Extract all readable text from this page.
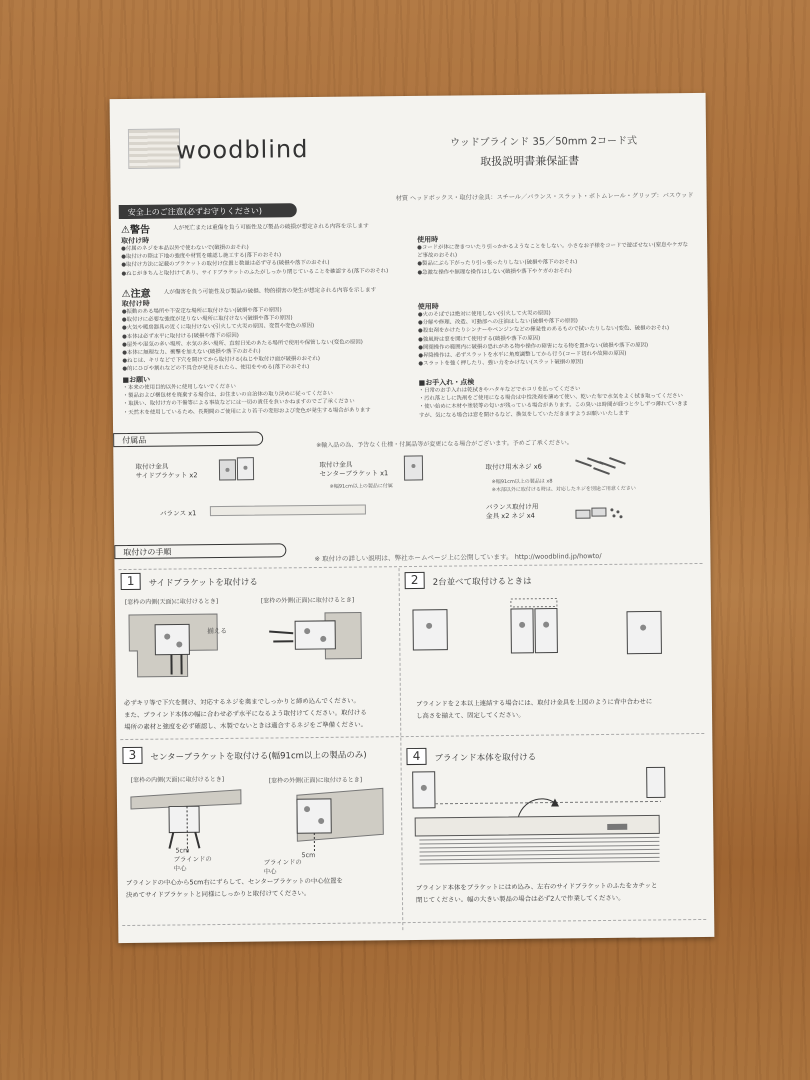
woodblind	ウッドブラインド 35／50mm 2コード式
取扱説明書兼保証書
材質 ヘッドボックス・取付け金具：スチール／バランス・スラット・ボトムレール・グリップ：バスウッド
安全上のご注意(必ずお守りください)
⚠警告	人が死亡または重傷を負う可能性及び製品の破損が想定される内容を示します
取付け時
●付属のネジを本品以外で使わないで(破損のおそれ)
●取付けの際は下地の強度や材質を確認し施工する(落下のおそれ)
●取付け方法に記載のブラケットの取付け位置と数量は必ず守る(破損や落下のおそれ)
●ねじがきちんと取付けてあり、サイドブラケットのふたがしっかり閉じていることを確認する(落下のおそれ)
使用時
●コードが体に巻きついたり引っかかるようなことをしない。小さなお子様をコードで遊ばせない(窒息やケガな
ど事故のおそれ)
●製品にぶら下がったり引っ張ったりしない(破損や落下のおそれ)
●急激な操作や無理な操作はしない(破損や落下やケガのおそれ)
⚠注意 人が傷害を負う可能性及び製品の破損、物的損害の発生が想定される内容を示します
取付け時
●振動のある場所や不安定な場所に取付けない(破損や落下の原因)
●取付けに必要な強度が足りない場所に取付けない(破損や落下の原因)
●火気や暖房器具の近くに取付けない(引火して火災の原因、変質や変色の原因)
●本体は必ず水平に取付ける(破損や落下の原因)
●屋外や湿気の多い場所、水気の多い場所、直射日光のあたる場所で使用や保管しない(変色の原因)
●本体に無理な力、衝撃を加えない(破損や落下のおそれ)
●ねじは、キリなどで下穴を開けてから取付ける(ねじや取付け面が破損のおそれ)
●的にひびや割れなどの不具合が発見されたら、使用をやめる(落下のおそれ)
使用時
●火のそばでは絶対に使用しない(引火して火災の原因)
●分解や修理、改造、可動部への注油はしない(破損や落下の原因)
●殺虫剤をかけたりシンナーやベンジンなどの揮発性のあるもので拭いたりしない(変色、破損のおそれ)
●強風時は窓を開けて使用する(破損や落下の原因)
●開閉操作の範囲内に破損の恐れがある物や操作の障害になる物を置かない(破損や落下の原因)
●昇降操作は、必ずスラットを水平に角度調整してから行う(コード切れや故障の原因)
●スラットを強く押したり、強い力をかけない(スラット破損の原因)
■お願い
・本来の使用目的以外に使用しないでください
・製品および梱包材を廃棄する場合は、お住まいの自治体の取り決めに従ってください
・取扱い、取付け方の不備等による事故などには一切の責任を負いかねますのでご了承ください
・天然木を使用しているため、長期間のご使用により若干の変形および変色が発生する場合があります
■お手入れ・点検
・日常のお手入れは乾拭きやハタキなどでホコリを払ってください
・汚れ落としに洗剤をご使用になる場合は中性洗剤を薄めて使い、乾いた布で水気をよく拭き取ってください
・使い始めに木材や塗装等の匂いが残っている場合があります。この臭いは時間が経つと少しずつ薄れていきま
すが、気になる場合は窓を開けるなど、換気をしていただきますようお願いいたします
付属品	※輸入品の為、予告なく仕様・付属品等が変更になる場合がございます。予めご了承ください。
取付け金具
サイドブラケット x2
取付け金具
センターブラケット x1
※幅91cm以上の製品に付属
取付け用木ネジ x6
※幅91cm以上の製品は x8
※木部以外に取付ける時は、対応したネジを別途ご用意ください
バランス x1
バランス取付け用
金具 x2 ネジ x4
取付けの手順	※ 取付けの詳しい説明は、弊社ホームページ上に公開しています。 http://woodblind.jp/howto/
1	サイドブラケットを取付ける
[窓枠の内側(天面)に取付けるとき]	[窓枠の外側(正面)に取付けるとき]
揃える
必ずキリ等で下穴を開け、対応するネジを奥までしっかりと締め込んでください。
また、ブラインド本体の幅に合わせ必ず水平になるよう取付けてください。取付ける
場所の素材と強度を必ず確認し、木製でないときは適合するネジをご準備ください。
2	2台並べて取付けるときは
ブラインドを２本以上連結する場合には、取付け金具を上図のように背中合わせに
し高さを揃えて、固定してください。
3	センターブラケットを取付ける(幅91cm以上の製品のみ)
[窓枠の内側(天面)に取付けるとき]	[窓枠の外側(正面)に取付けるとき]
ブラインドの
中心
5cm
ブラインドの
中心
5cm
ブラインドの中心から5cm右にずらして、センターブラケットの中心位置を
決めてサイドブラケットと同様にしっかりと取付けてください。
4	ブラインド本体を取付ける
ブラインド本体をブラケットにはめ込み、左右のサイドブラケットのふたをカチッと
閉じてください。幅の大きい製品の場合は必ず2人で作業してください。
